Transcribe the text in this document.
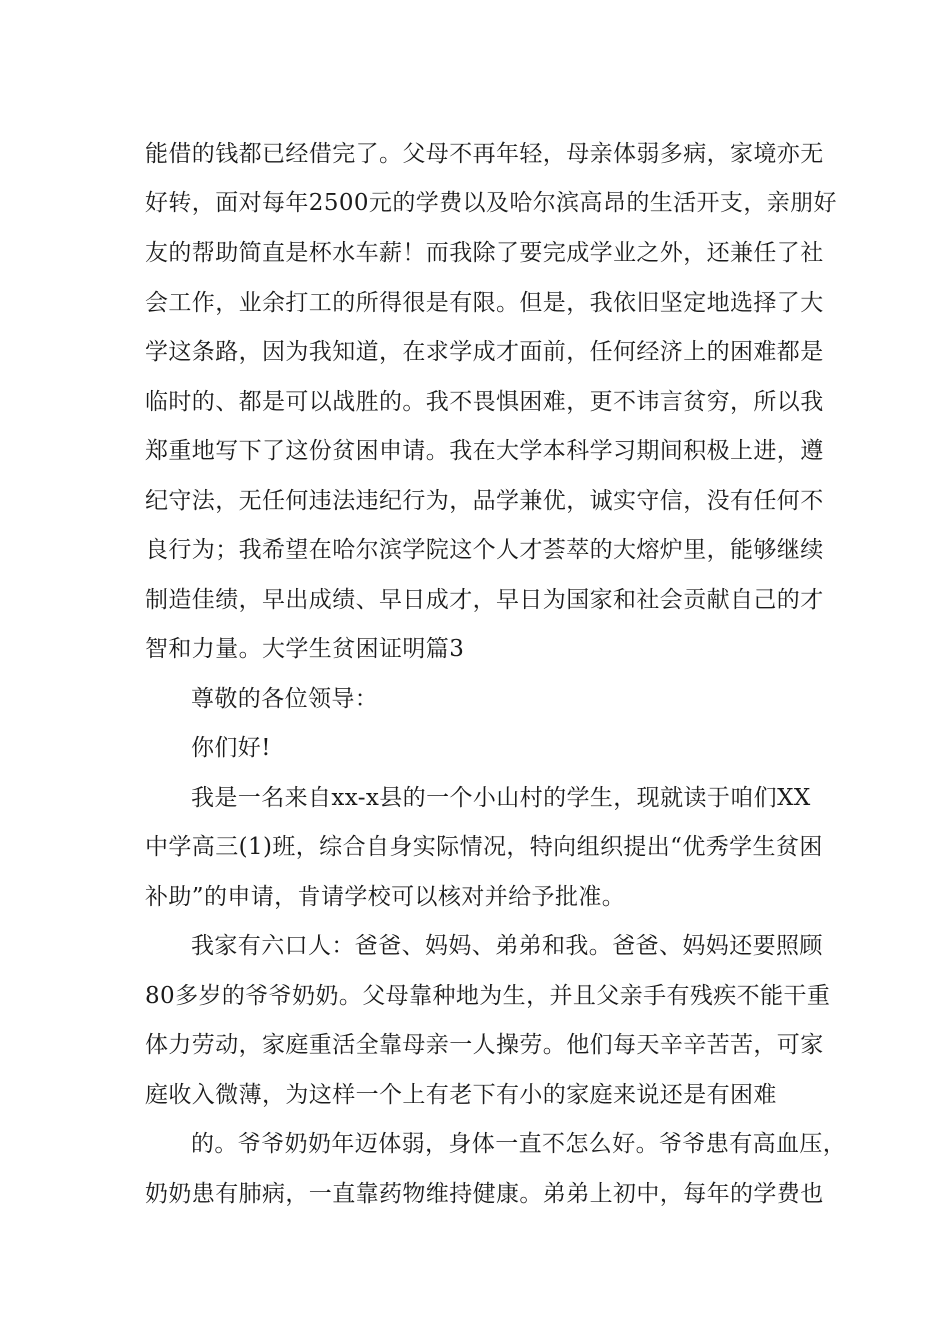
能借的钱都已经借完了。父母不再年轻，母亲体弱多病，家境亦无
好转，面对每年2500元的学费以及哈尔滨高昂的生活开支，亲朋好
友的帮助简直是杯水车薪！而我除了要完成学业之外，还兼任了社
会工作，业余打工的所得很是有限。但是，我依旧坚定地选择了大
学这条路，因为我知道，在求学成才面前，任何经济上的困难都是
临时的、都是可以战胜的。我不畏惧困难，更不讳言贫穷，所以我
郑重地写下了这份贫困申请。我在大学本科学习期间积极上进，遵
纪守法，无任何违法违纪行为，品学兼优，诚实守信，没有任何不
良行为；我希望在哈尔滨学院这个人才荟萃的大熔炉里，能够继续
制造佳绩，早出成绩、早日成才，早日为国家和社会贡献自己的才
智和力量。大学生贫困证明篇3
尊敬的各位领导：
你们好!
我是一名来自xx-x县的一个小山村的学生，现就读于咱们XX
中学高三(1)班，综合自身实际情况，特向组织提出“优秀学生贫困
补助”的申请，肯请学校可以核对并给予批准。
我家有六口人：爸爸、妈妈、弟弟和我。爸爸、妈妈还要照顾
80多岁的爷爷奶奶。父母靠种地为生，并且父亲手有残疾不能干重
体力劳动，家庭重活全靠母亲一人操劳。他们每天辛辛苦苦，可家
庭收入微薄，为这样一个上有老下有小的家庭来说还是有困难
的。爷爷奶奶年迈体弱，身体一直不怎么好。爷爷患有高血压，
奶奶患有肺病，一直靠药物维持健康。弟弟上初中，每年的学费也
